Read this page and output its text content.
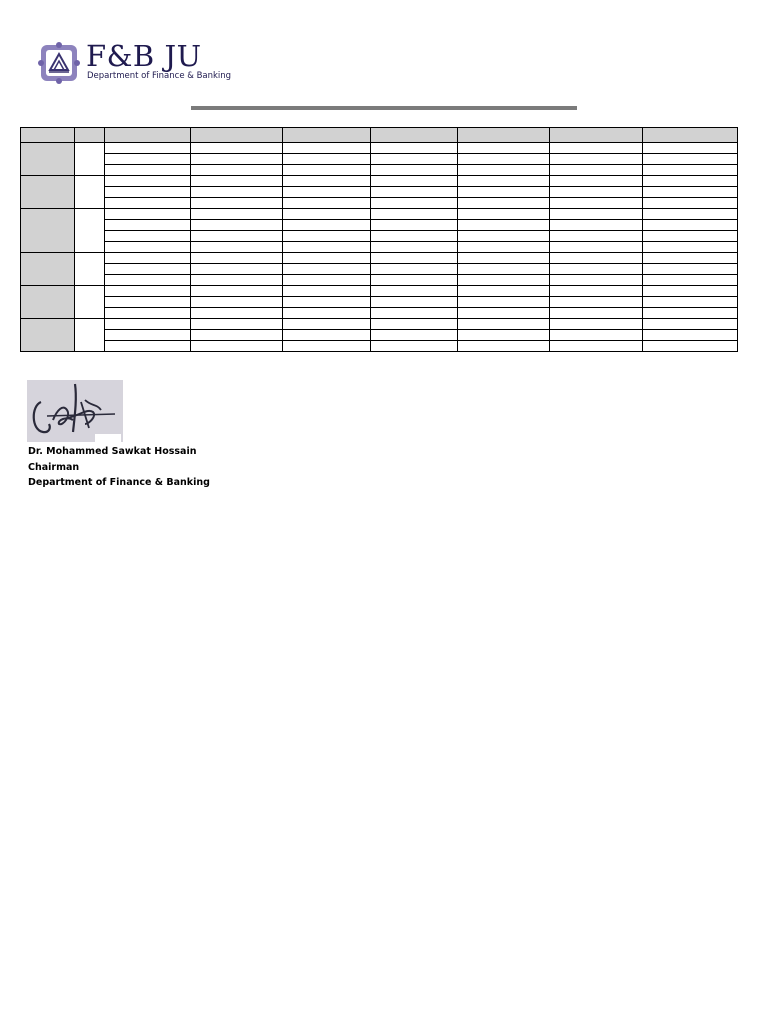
F&B JU
Department of Finance & Banking

Dr. Mohammed Sawkat Hossain
Chairman
Department of Finance & Banking
